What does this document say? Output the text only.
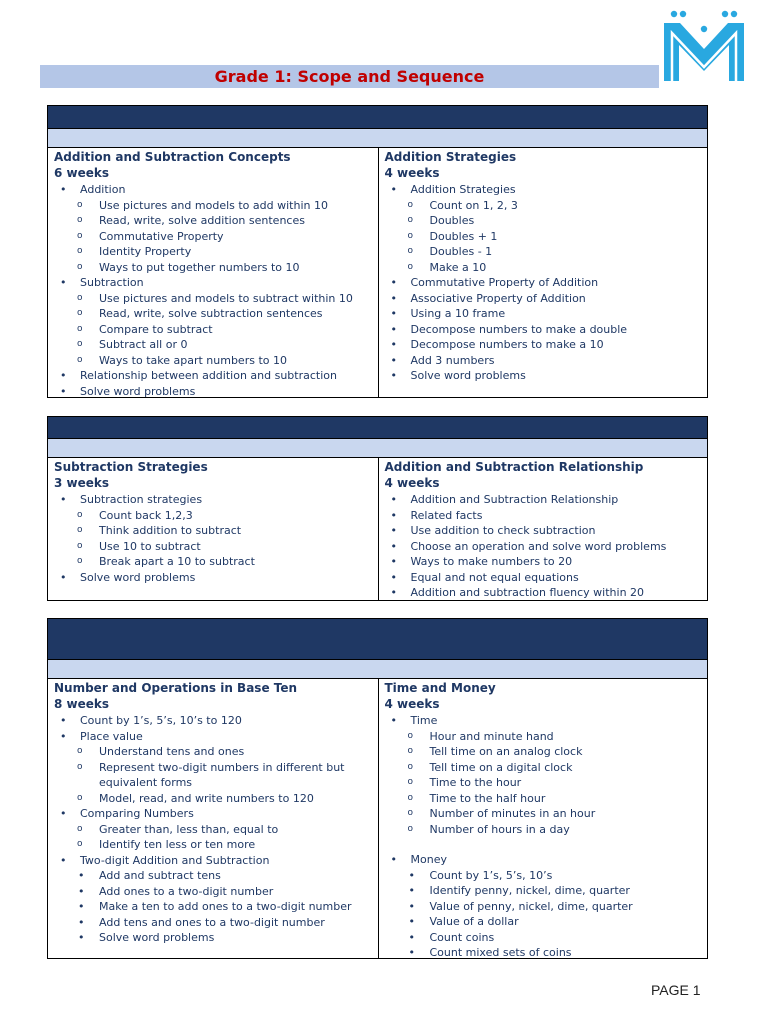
Grade 1: Scope and Sequence
Addition and Subtraction Concepts
6 weeks
• Addition
o Use pictures and models to add within 10
o Read, write, solve addition sentences
o Commutative Property
o Identity Property
o Ways to put together numbers to 10
• Subtraction
o Use pictures and models to subtract within 10
o Read, write, solve subtraction sentences
o Compare to subtract
o Subtract all or 0
o Ways to take apart numbers to 10
• Relationship between addition and subtraction
• Solve word problems
Addition Strategies
4 weeks
• Addition Strategies
o Count on 1, 2, 3
o Doubles
o Doubles + 1
o Doubles - 1
o Make a 10
• Commutative Property of Addition
• Associative Property of Addition
• Using a 10 frame
• Decompose numbers to make a double
• Decompose numbers to make a 10
• Add 3 numbers
• Solve word problems
Subtraction Strategies
3 weeks
• Subtraction strategies
o Count back 1,2,3
o Think addition to subtract
o Use 10 to subtract
o Break apart a 10 to subtract
• Solve word problems
Addition and Subtraction Relationship
4 weeks
• Addition and Subtraction Relationship
• Related facts
• Use addition to check subtraction
• Choose an operation and solve word problems
• Ways to make numbers to 20
• Equal and not equal equations
• Addition and subtraction fluency within 20
Number and Operations in Base Ten
8 weeks
• Count by 1’s, 5’s, 10’s to 120
• Place value
o Understand tens and ones
o Represent two-digit numbers in different but equivalent forms
o Model, read, and write numbers to 120
• Comparing Numbers
o Greater than, less than, equal to
o Identify ten less or ten more
• Two-digit Addition and Subtraction
• Add and subtract tens
• Add ones to a two-digit number
• Make a ten to add ones to a two-digit number
• Add tens and ones to a two-digit number
• Solve word problems
Time and Money
4 weeks
• Time
o Hour and minute hand
o Tell time on an analog clock
o Tell time on a digital clock
o Time to the hour
o Time to the half hour
o Number of minutes in an hour
o Number of hours in a day
• Money
• Count by 1’s, 5’s, 10’s
• Identify penny, nickel, dime, quarter
• Value of penny, nickel, dime, quarter
• Value of a dollar
• Count coins
• Count mixed sets of coins
PAGE 1
